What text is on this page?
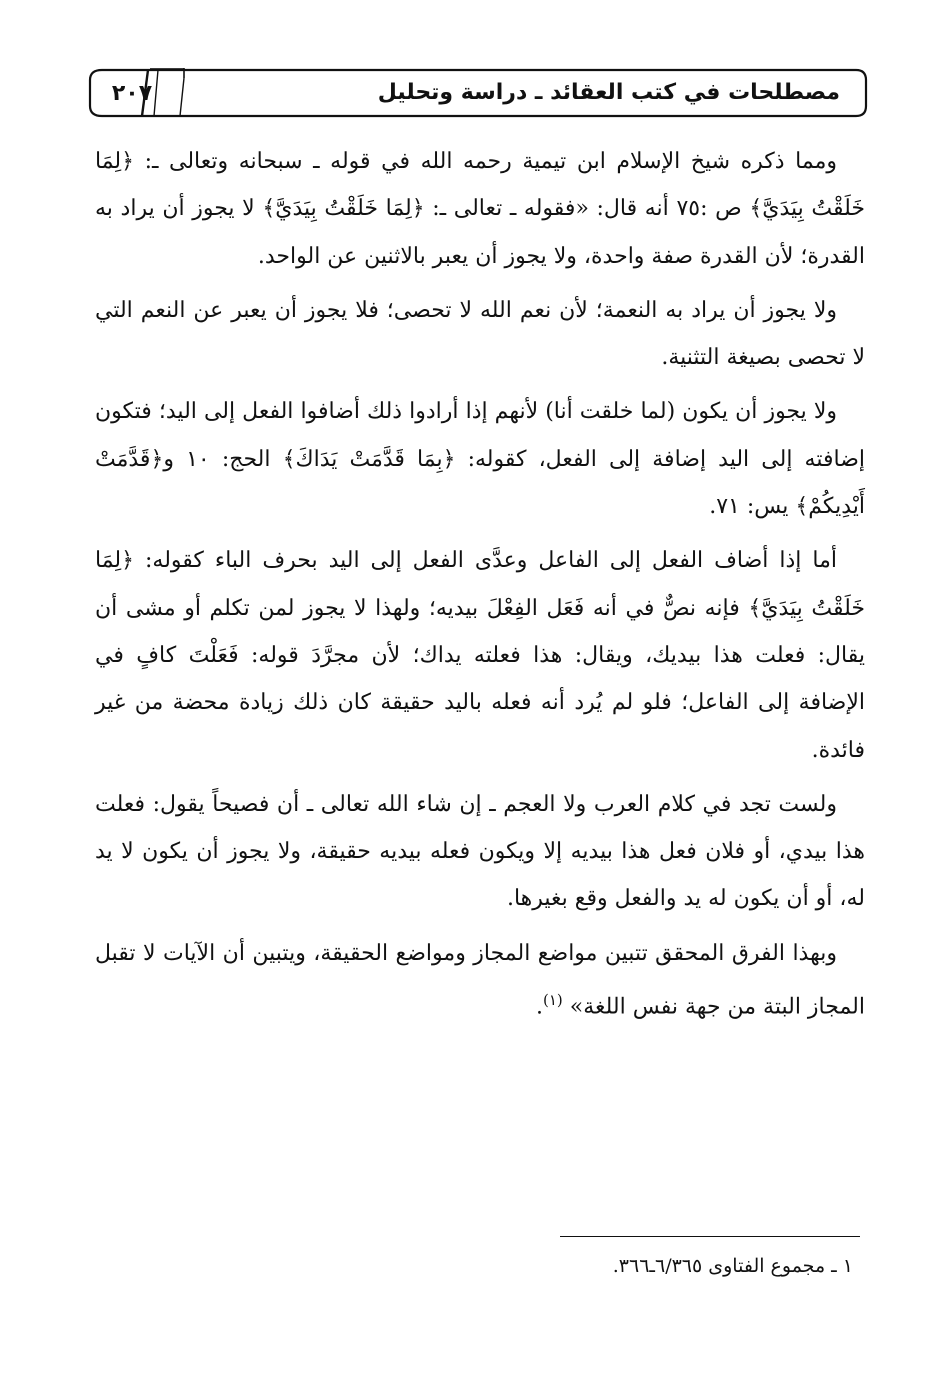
٢٠٧	مصطلحات في كتب العقائد ـ دراسة وتحليل

ومما ذكره شيخ الإسلام ابن تيمية رحمه الله في قوله ـ سبحانه وتعالى ـ: ﴿لِمَا خَلَقْتُ بِيَدَيَّ﴾ ص :٧٥ أنه قال: «فقوله ـ تعالى ـ: ﴿لِمَا خَلَقْتُ بِيَدَيَّ﴾ لا يجوز أن يراد به القدرة؛ لأن القدرة صفة واحدة، ولا يجوز أن يعبر بالاثنين عن الواحد.

ولا يجوز أن يراد به النعمة؛ لأن نعم الله لا تحصى؛ فلا يجوز أن يعبر عن النعم التي لا تحصى بصيغة التثنية.

ولا يجوز أن يكون (لما خلقت أنا) لأنهم إذا أرادوا ذلك أضافوا الفعل إلى اليد؛ فتكون إضافته إلى اليد إضافة إلى الفعل، كقوله: ﴿بِمَا قَدَّمَتْ يَدَاكَ﴾ الحج: ١٠ و﴿قَدَّمَتْ أَيْدِيكُمْ﴾ يس: ٧١.

أما إذا أضاف الفعل إلى الفاعل وعدَّى الفعل إلى اليد بحرف الباء كقوله: ﴿لِمَا خَلَقْتُ بِيَدَيَّ﴾ فإنه نصٌّ في أنه فَعَل الفِعْلَ بيديه؛ ولهذا لا يجوز لمن تكلم أو مشى أن يقال: فعلت هذا بيديك، ويقال: هذا فعلته يداك؛ لأن مجرَّدَ قوله: فَعَلْتَ كافٍ في الإضافة إلى الفاعل؛ فلو لم يُرد أنه فعله باليد حقيقة كان ذلك زيادة محضة من غير فائدة.

ولست تجد في كلام العرب ولا العجم ـ إن شاء الله تعالى ـ أن فصيحاً يقول: فعلت هذا بيدي، أو فلان فعل هذا بيديه إلا ويكون فعله بيديه حقيقة، ولا يجوز أن يكون لا يد له، أو أن يكون له يد والفعل وقع بغيرها.

وبهذا الفرق المحقق تتبين مواضع المجاز ومواضع الحقيقة، ويتبين أن الآيات لا تقبل المجاز البتة من جهة نفس اللغة» $^{(١)}$.

١ ـ مجموع الفتاوى ٦/٣٦٥ـ٣٦٦.
